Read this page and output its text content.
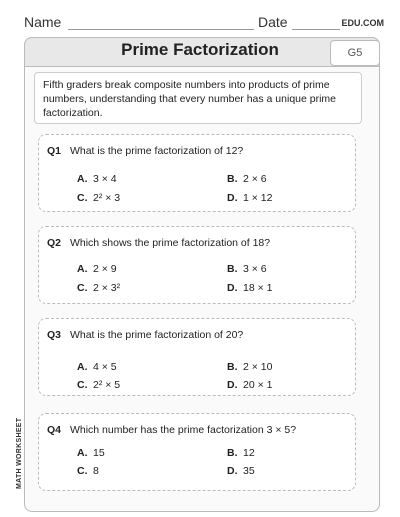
Name	Date	EDU.COM
Prime Factorization	G5
Fifth graders break composite numbers into products of prime numbers, understanding that every number has a unique prime factorization.
MATH WORKSHEET
Q1 What is the prime factorization of 12?
A. 3 × 4	B. 2 × 6
C. 2² × 3	D. 1 × 12
Q2 Which shows the prime factorization of 18?
A. 2 × 9	B. 3 × 6
C. 2 × 3²	D. 18 × 1
Q3 What is the prime factorization of 20?
A. 4 × 5	B. 2 × 10
C. 2² × 5	D. 20 × 1
Q4 Which number has the prime factorization 3 × 5?
A. 15	B. 12
C. 8	D. 35
